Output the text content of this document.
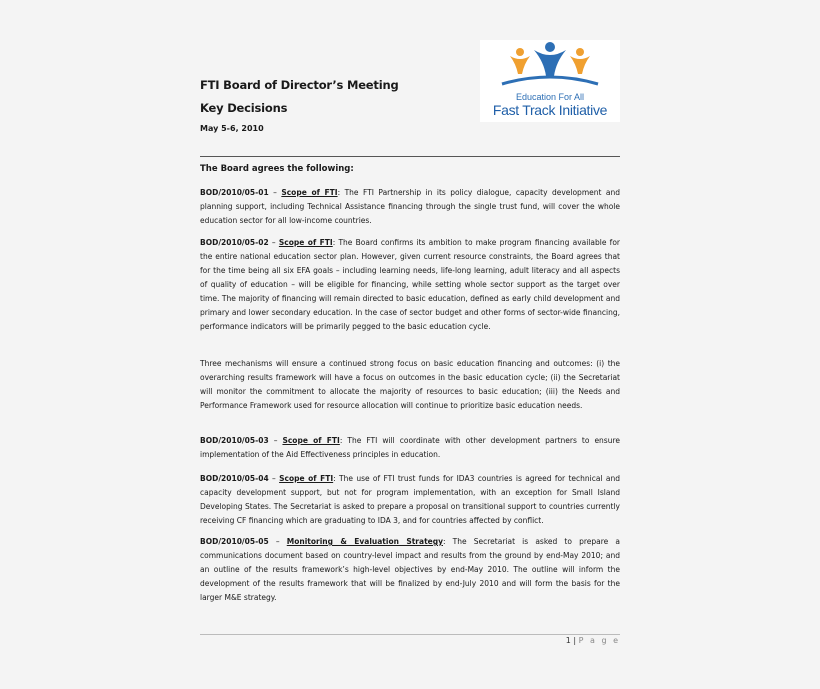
FTI Board of Director’s Meeting
Key Decisions
May 5-6, 2010
Education For All
Fast Track Initiative
The Board agrees the following:
BOD/2010/05-01 – Scope of FTI: The FTI Partnership in its policy dialogue, capacity development and planning support, including Technical Assistance financing through the single trust fund, will cover the whole education sector for all low-income countries.
BOD/2010/05-02 – Scope of FTI: The Board confirms its ambition to make program financing available for the entire national education sector plan. However, given current resource constraints, the Board agrees that for the time being all six EFA goals – including learning needs, life-long learning, adult literacy and all aspects of quality of education – will be eligible for financing, while setting whole sector support as the target over time. The majority of financing will remain directed to basic education, defined as early child development and primary and lower secondary education. In the case of sector budget and other forms of sector-wide financing, performance indicators will be primarily pegged to the basic education cycle.
Three mechanisms will ensure a continued strong focus on basic education financing and outcomes: (i) the overarching results framework will have a focus on outcomes in the basic education cycle; (ii) the Secretariat will monitor the commitment to allocate the majority of resources to basic education; (iii) the Needs and Performance Framework used for resource allocation will continue to prioritize basic education needs.
BOD/2010/05-03 – Scope of FTI: The FTI will coordinate with other development partners to ensure implementation of the Aid Effectiveness principles in education.
BOD/2010/05-04 – Scope of FTI: The use of FTI trust funds for IDA3 countries is agreed for technical and capacity development support, but not for program implementation, with an exception for Small Island Developing States. The Secretariat is asked to prepare a proposal on transitional support to countries currently receiving CF financing which are graduating to IDA 3, and for countries affected by conflict.
BOD/2010/05-05 – Monitoring & Evaluation Strategy: The Secretariat is asked to prepare a communications document based on country-level impact and results from the ground by end-May 2010; and an outline of the results framework’s high-level objectives by end-May 2010. The outline will inform the development of the results framework that will be finalized by end-July 2010 and will form the basis for the larger M&E strategy.
1 | P a g e
